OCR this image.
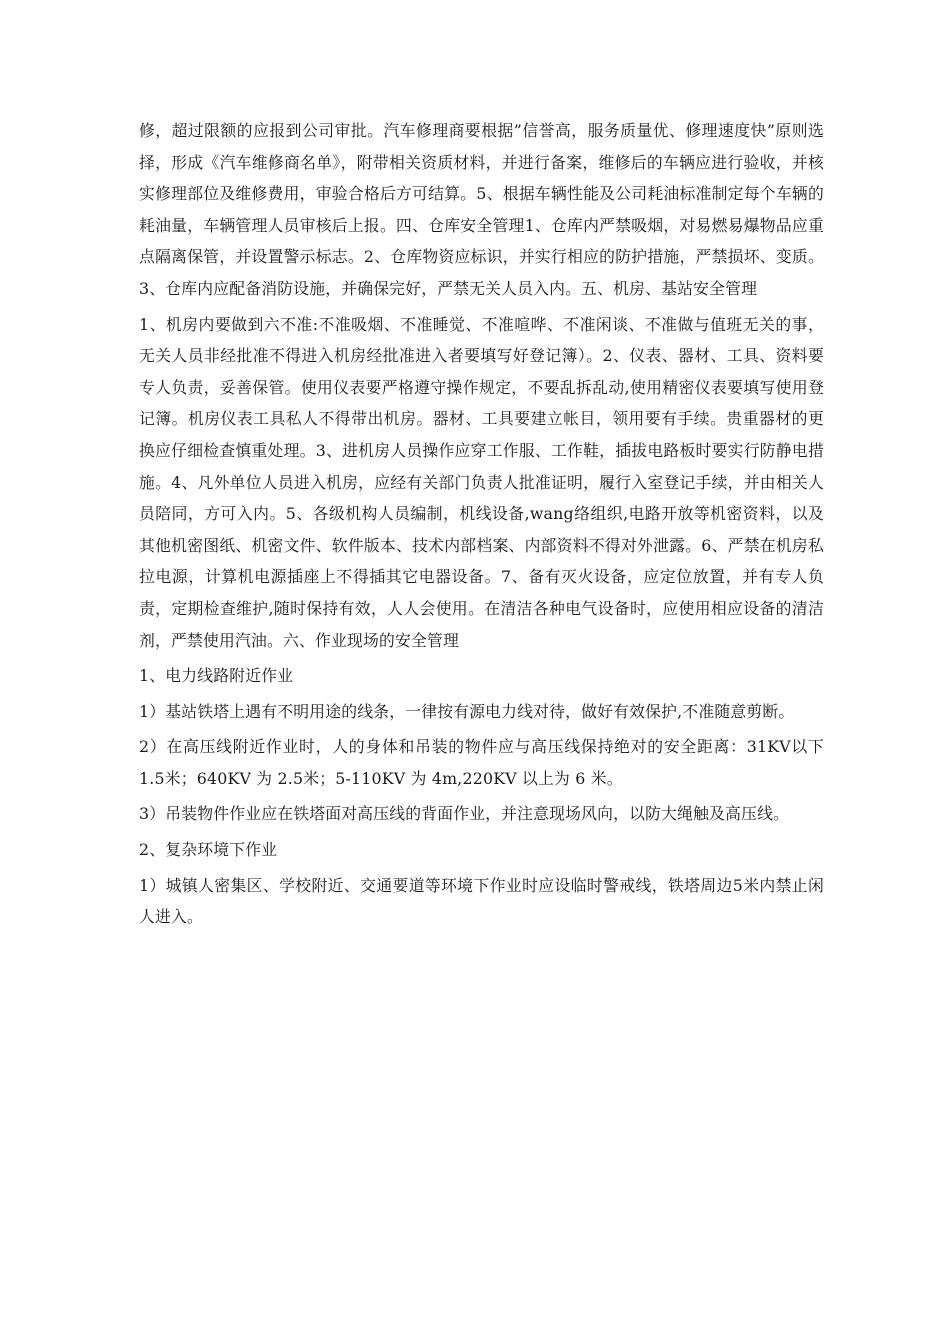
修，超过限额的应报到公司审批。汽车修理商要根据”信誉高，服务质量优、修理速度快”原则选择，形成《汽车维修商名单》，附带相关资质材料，并进行备案，维修后的车辆应进行验收，并核实修理部位及维修费用，审验合格后方可结算。5、根据车辆性能及公司耗油标准制定每个车辆的耗油量，车辆管理人员审核后上报。四、仓库安全管理1、仓库内严禁吸烟，对易燃易爆物品应重点隔离保管，并设置警示标志。2、仓库物资应标识，并实行相应的防护措施，严禁损坏、变质。3、仓库内应配备消防设施，并确保完好，严禁无关人员入内。五、机房、基站安全管理

1、机房内要做到六不准:不准吸烟、不准睡觉、不准喧哗、不准闲谈、不准做与值班无关的事，无关人员非经批准不得进入机房经批准进入者要填写好登记簿）。2、仪表、器材、工具、资料要专人负责，妥善保管。使用仪表要严格遵守操作规定，不要乱拆乱动,使用精密仪表要填写使用登记簿。机房仪表工具私人不得带出机房。器材、工具要建立帐目，领用要有手续。贵重器材的更换应仔细检查慎重处理。3、进机房人员操作应穿工作服、工作鞋，插拔电路板时要实行防静电措施。4、凡外单位人员进入机房，应经有关部门负责人批准证明，履行入室登记手续，并由相关人员陪同，方可入内。5、各级机构人员编制，机线设备,wang络组织,电路开放等机密资料，以及其他机密图纸、机密文件、软件版本、技术内部档案、内部资料不得对外泄露。6、严禁在机房私拉电源，计算机电源插座上不得插其它电器设备。7、备有灭火设备，应定位放置，并有专人负责，定期检查维护,随时保持有效，人人会使用。在清洁各种电气设备时，应使用相应设备的清洁剂，严禁使用汽油。六、作业现场的安全管理

1、电力线路附近作业

1）基站铁塔上遇有不明用途的线条，一律按有源电力线对待，做好有效保护,不准随意剪断。

2）在高压线附近作业时，人的身体和吊装的物件应与高压线保持绝对的安全距离：31KV以下 1.5米；640KV 为 2.5米；5-110KV 为 4m,220KV 以上为 6 米。

3）吊装物件作业应在铁塔面对高压线的背面作业，并注意现场风向，以防大绳触及高压线。

2、复杂环境下作业

1）城镇人密集区、学校附近、交通要道等环境下作业时应设临时警戒线，铁塔周边5米内禁止闲人进入。
